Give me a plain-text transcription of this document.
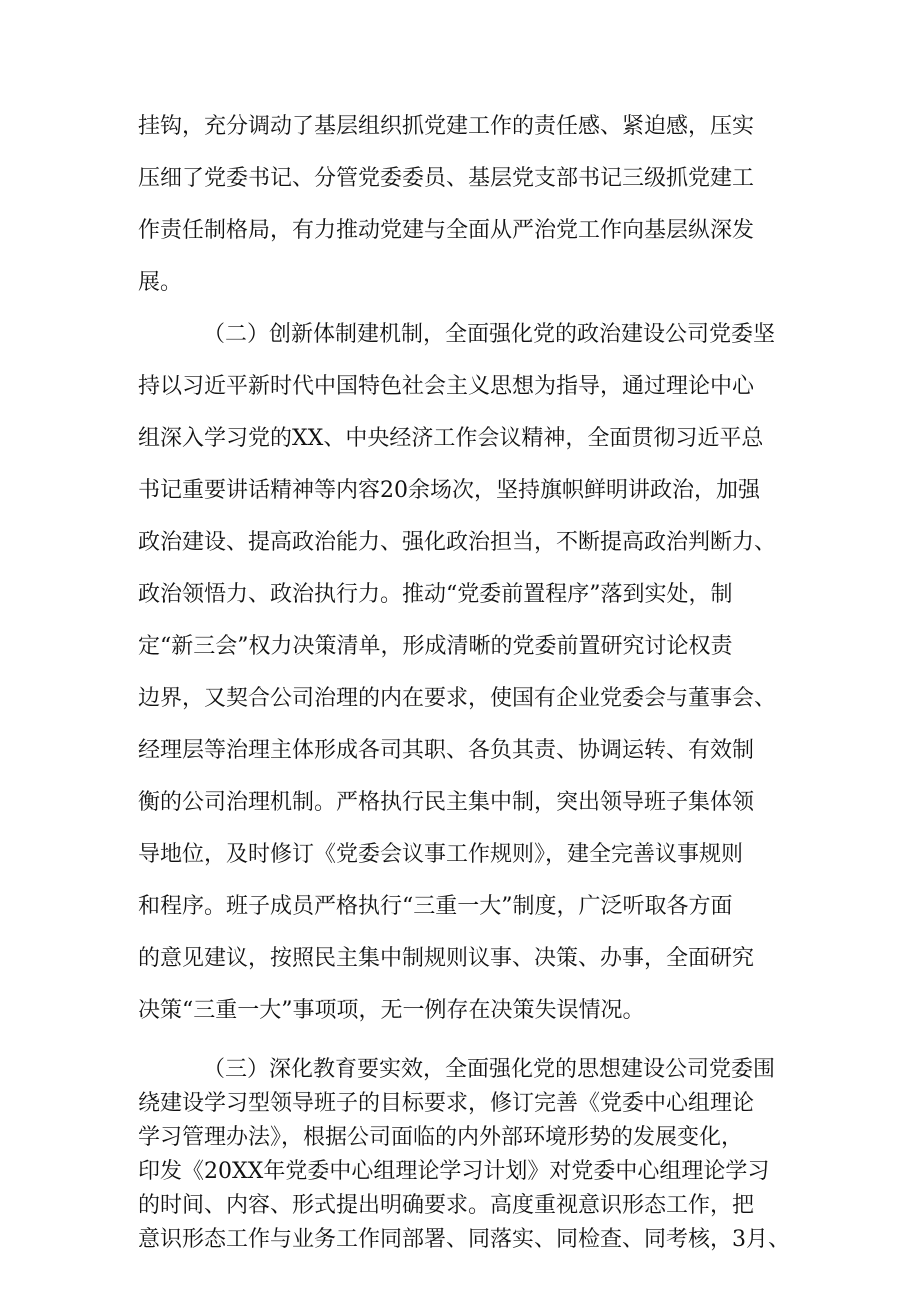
挂钩，充分调动了基层组织抓党建工作的责任感、紧迫感，压实
压细了党委书记、分管党委委员、基层党支部书记三级抓党建工
作责任制格局，有力推动党建与全面从严治党工作向基层纵深发
展。
（二）创新体制建机制，全面强化党的政治建设公司党委坚
持以习近平新时代中国特色社会主义思想为指导，通过理论中心
组深入学习党的XX、中央经济工作会议精神，全面贯彻习近平总
书记重要讲话精神等内容20余场次，坚持旗帜鲜明讲政治，加强
政治建设、提高政治能力、强化政治担当，不断提高政治判断力、
政治领悟力、政治执行力。推动“党委前置程序”落到实处，制
定“新三会”权力决策清单，形成清晰的党委前置研究讨论权责
边界，又契合公司治理的内在要求，使国有企业党委会与董事会、
经理层等治理主体形成各司其职、各负其责、协调运转、有效制
衡的公司治理机制。严格执行民主集中制，突出领导班子集体领
导地位，及时修订《党委会议事工作规则》，建全完善议事规则
和程序。班子成员严格执行“三重一大”制度，广泛听取各方面
的意见建议，按照民主集中制规则议事、决策、办事，全面研究
决策“三重一大”事项项，无一例存在决策失误情况。
（三）深化教育要实效，全面强化党的思想建设公司党委围
绕建设学习型领导班子的目标要求，修订完善《党委中心组理论
学习管理办法》，根据公司面临的内外部环境形势的发展变化，
印发《20XX年党委中心组理论学习计划》对党委中心组理论学习
的时间、内容、形式提出明确要求。高度重视意识形态工作，把
意识形态工作与业务工作同部署、同落实、同检查、同考核，3月、
